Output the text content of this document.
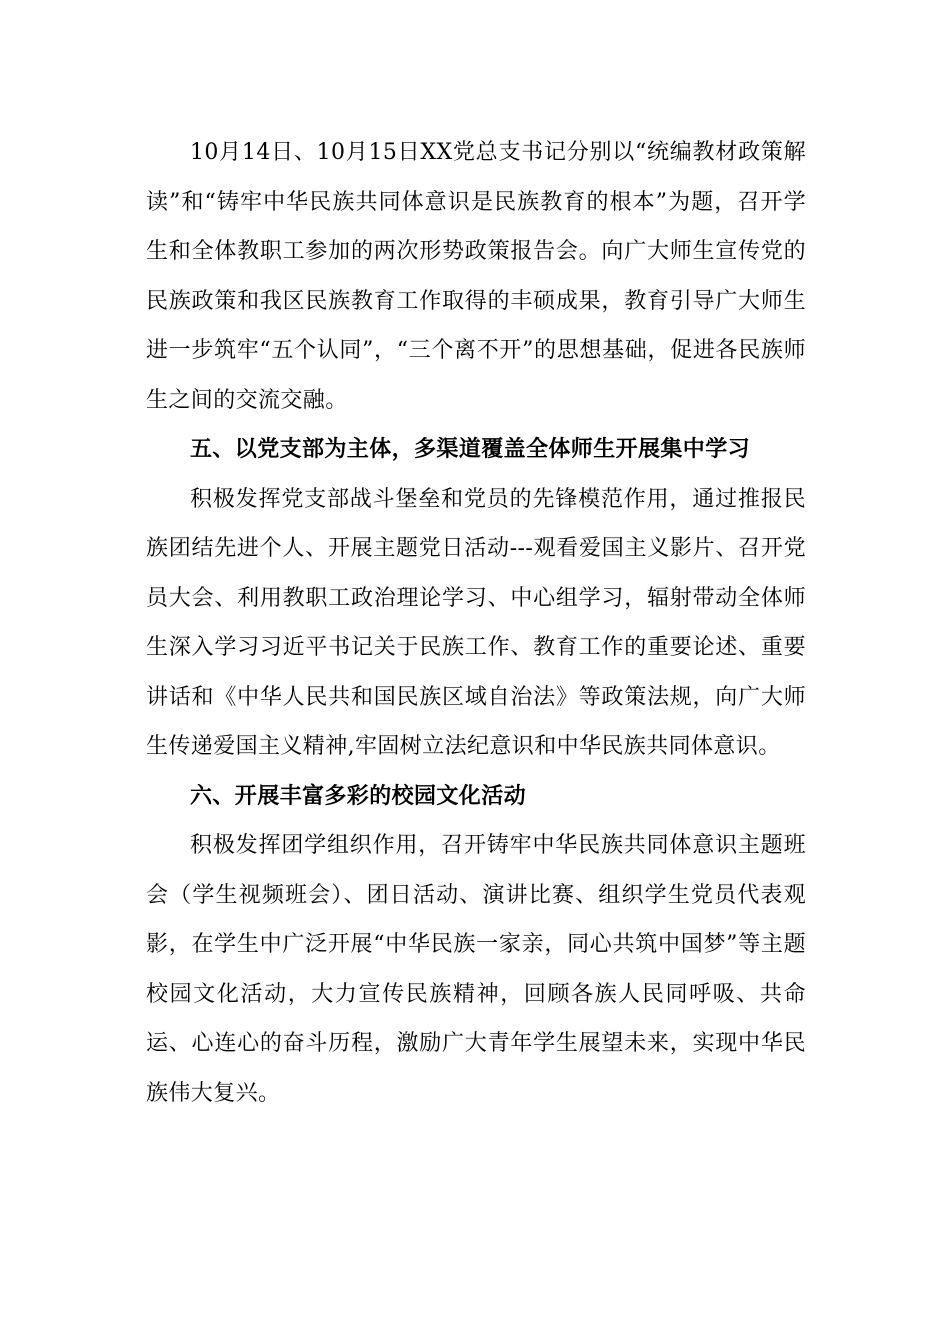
10月14日、10月15日XX党总支书记分别以“统编教材政策解读”和“铸牢中华民族共同体意识是民族教育的根本”为题，召开学生和全体教职工参加的两次形势政策报告会。向广大师生宣传党的民族政策和我区民族教育工作取得的丰硕成果，教育引导广大师生进一步筑牢“五个认同”，“三个离不开”的思想基础，促进各民族师生之间的交流交融。

五、以党支部为主体，多渠道覆盖全体师生开展集中学习

积极发挥党支部战斗堡垒和党员的先锋模范作用，通过推报民族团结先进个人、开展主题党日活动---观看爱国主义影片、召开党员大会、利用教职工政治理论学习、中心组学习，辐射带动全体师生深入学习习近平书记关于民族工作、教育工作的重要论述、重要讲话和《中华人民共和国民族区域自治法》等政策法规，向广大师生传递爱国主义精神,牢固树立法纪意识和中华民族共同体意识。

六、开展丰富多彩的校园文化活动

积极发挥团学组织作用，召开铸牢中华民族共同体意识主题班会（学生视频班会）、团日活动、演讲比赛、组织学生党员代表观影，在学生中广泛开展“中华民族一家亲，同心共筑中国梦”等主题校园文化活动，大力宣传民族精神，回顾各族人民同呼吸、共命运、心连心的奋斗历程，激励广大青年学生展望未来，实现中华民族伟大复兴。
